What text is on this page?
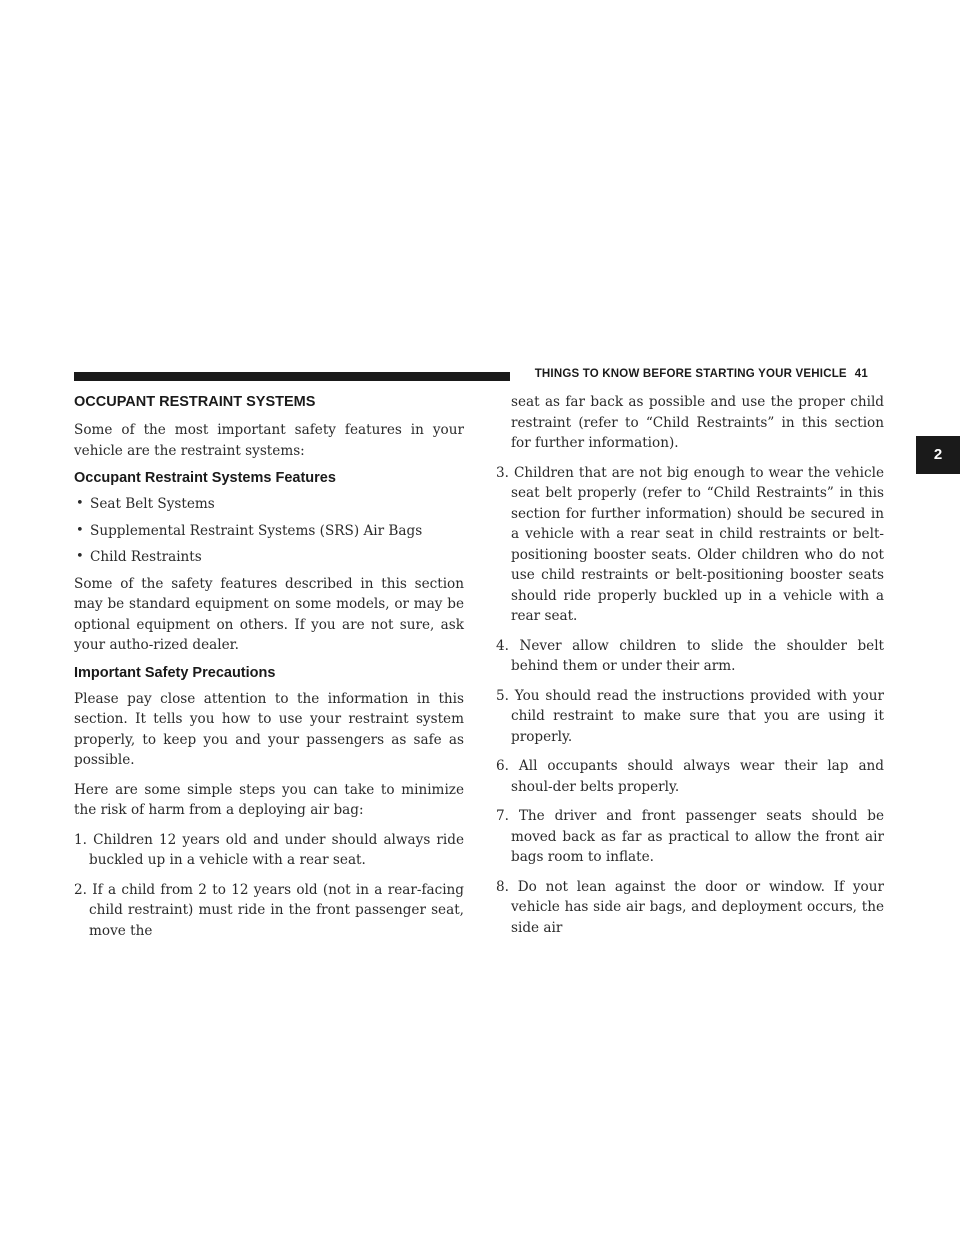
THINGS TO KNOW BEFORE STARTING YOUR VEHICLE 41
2
OCCUPANT RESTRAINT SYSTEMS

Some of the most important safety features in your vehicle are the restraint systems:

Occupant Restraint Systems Features
• Seat Belt Systems
• Supplemental Restraint Systems (SRS) Air Bags
• Child Restraints

Some of the safety features described in this section may be standard equipment on some models, or may be optional equipment on others. If you are not sure, ask your autho-rized dealer.

Important Safety Precautions

Please pay close attention to the information in this section. It tells you how to use your restraint system properly, to keep you and your passengers as safe as possible.

Here are some simple steps you can take to minimize the risk of harm from a deploying air bag:

1. Children 12 years old and under should always ride buckled up in a vehicle with a rear seat.
2. If a child from 2 to 12 years old (not in a rear-facing child restraint) must ride in the front passenger seat, move the
seat as far back as possible and use the proper child restraint (refer to “Child Restraints” in this section for further information).
3. Children that are not big enough to wear the vehicle seat belt properly (refer to “Child Restraints” in this section for further information) should be secured in a vehicle with a rear seat in child restraints or belt-positioning booster seats. Older children who do not use child restraints or belt-positioning booster seats should ride properly buckled up in a vehicle with a rear seat.
4. Never allow children to slide the shoulder belt behind them or under their arm.
5. You should read the instructions provided with your child restraint to make sure that you are using it properly.
6. All occupants should always wear their lap and shoul-der belts properly.
7. The driver and front passenger seats should be moved back as far as practical to allow the front air bags room to inflate.
8. Do not lean against the door or window. If your vehicle has side air bags, and deployment occurs, the side air
